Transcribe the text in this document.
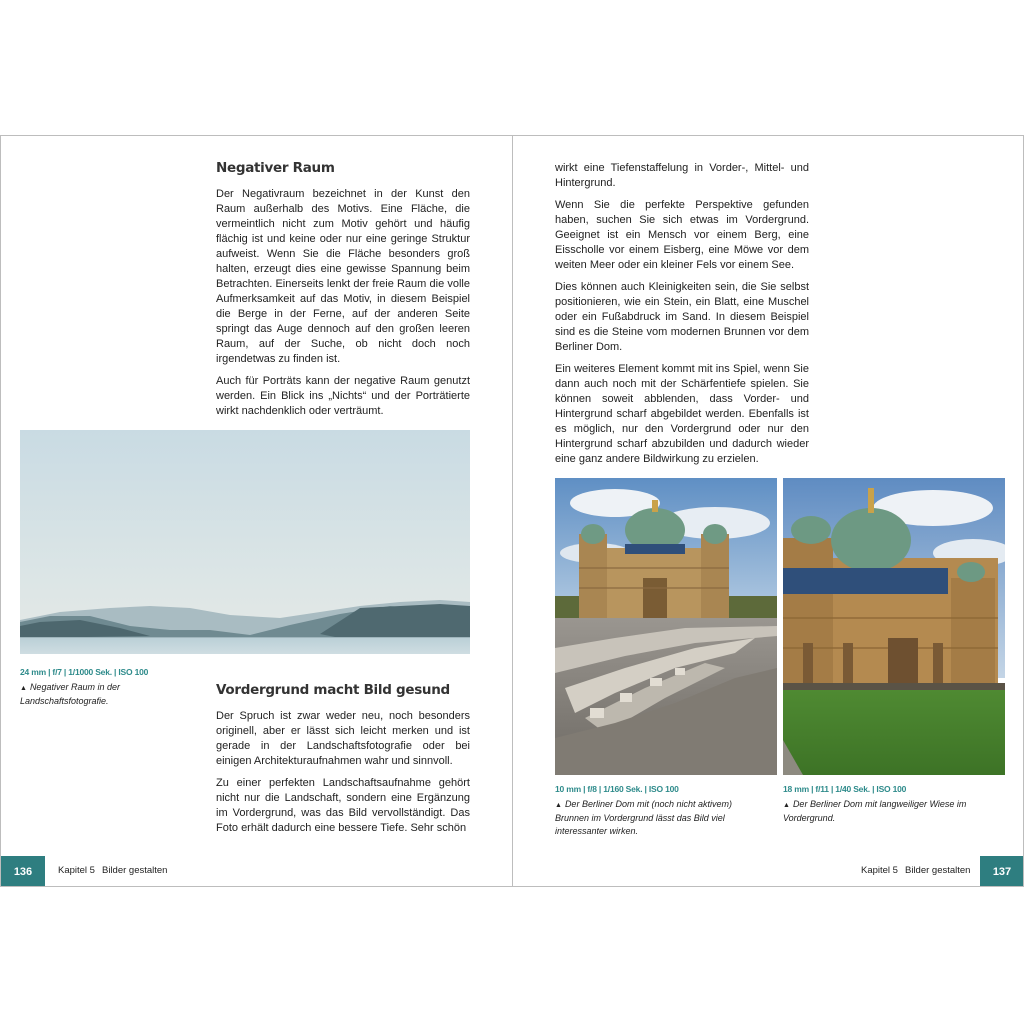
Negativer Raum

Der Negativraum bezeichnet in der Kunst den Raum außerhalb des Motivs. Eine Fläche, die vermeintlich nicht zum Motiv gehört und häufig flächig ist und keine oder nur eine geringe Struktur aufweist. Wenn Sie die Fläche besonders groß halten, erzeugt dies eine gewisse Spannung beim Betrachten. Einerseits lenkt der freie Raum die volle Aufmerksamkeit auf das Motiv, in diesem Beispiel die Berge in der Ferne, auf der anderen Seite springt das Auge dennoch auf den großen leeren Raum, auf der Suche, ob nicht doch noch irgendetwas zu finden ist.

Auch für Porträts kann der negative Raum genutzt werden. Ein Blick ins „Nichts“ und der Porträtierte wirkt nachdenklich oder verträumt.

24 mm | f/7 | 1/1000 Sek. | ISO 100
▲ Negativer Raum in der Landschaftsfotografie.
Vordergrund macht Bild gesund

Der Spruch ist zwar weder neu, noch besonders originell, aber er lässt sich leicht merken und ist gerade in der Landschaftsfotografie oder bei einigen Architekturaufnahmen wahr und sinnvoll.

Zu einer perfekten Landschaftsaufnahme gehört nicht nur die Landschaft, sondern eine Ergänzung im Vordergrund, was das Bild vervollständigt. Das Foto erhält dadurch eine bessere Tiefe. Sehr schön

136	Kapitel 5 Bilder gestalten

wirkt eine Tiefenstaffelung in Vorder-, Mittel- und Hintergrund.

Wenn Sie die perfekte Perspektive gefunden haben, suchen Sie sich etwas im Vordergrund. Geeignet ist ein Mensch vor einem Berg, eine Eisscholle vor einem Eisberg, eine Möwe vor dem weiten Meer oder ein kleiner Fels vor einem See.

Dies können auch Kleinigkeiten sein, die Sie selbst positionieren, wie ein Stein, ein Blatt, eine Muschel oder ein Fußabdruck im Sand. In diesem Beispiel sind es die Steine vom modernen Brunnen vor dem Berliner Dom.

Ein weiteres Element kommt mit ins Spiel, wenn Sie dann auch noch mit der Schärfentiefe spielen. Sie können soweit abblenden, dass Vorder- und Hintergrund scharf abgebildet werden. Ebenfalls ist es möglich, nur den Vordergrund oder nur den Hintergrund scharf abzubilden und dadurch wieder eine ganz andere Bildwirkung zu erzielen.

10 mm | f/8 | 1/160 Sek. | ISO 100
▲ Der Berliner Dom mit (noch nicht aktivem) Brunnen im Vordergrund lässt das Bild viel interessanter wirken.
18 mm | f/11 | 1/40 Sek. | ISO 100
▲ Der Berliner Dom mit langweiliger Wiese im Vordergrund.
Kapitel 5 Bilder gestalten	137
